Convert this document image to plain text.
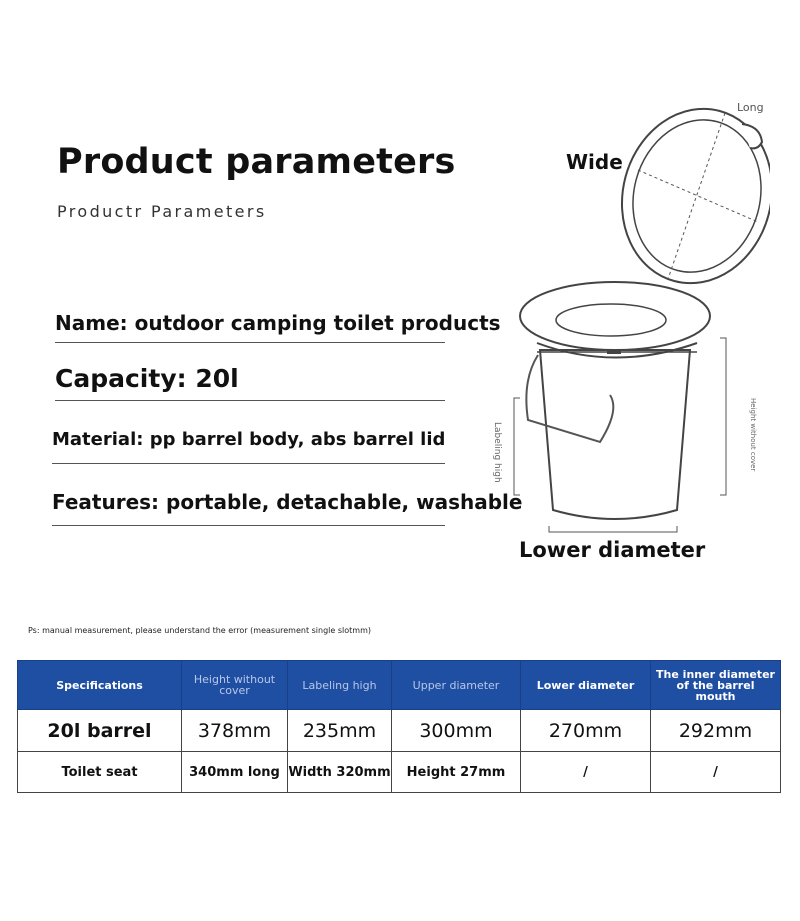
Product parameters
Productr Parameters
Name: outdoor camping toilet products
Capacity: 20l
Material: pp barrel body, abs barrel lid
Features: portable, detachable, washable
Wide
Long
Lower diameter
Labeling high	Height without cover
Ps: manual measurement, please understand the error (measurement single slotmm)
Specifications	Height without cover	Labeling high	Upper diameter	Lower diameter	The inner diameter of the barrel mouth
20l barrel	378mm	235mm	300mm	270mm	292mm
Toilet seat	340mm long	Width 320mm	Height 27mm	/	/
